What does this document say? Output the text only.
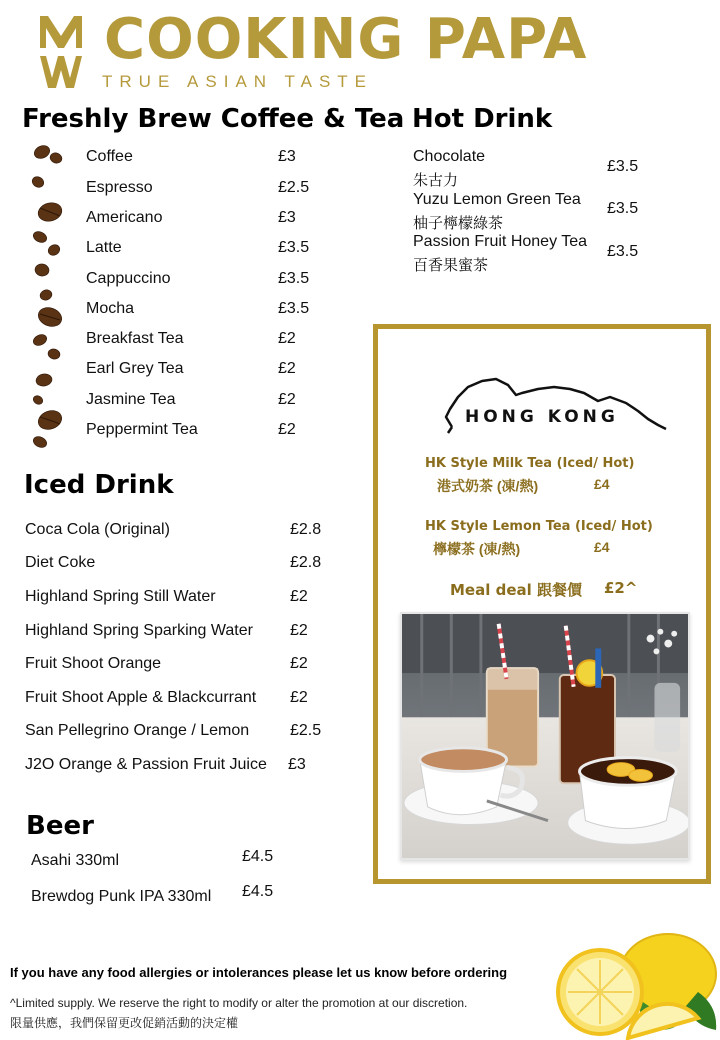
COOKING PAPA
TRUE ASIAN TASTE
Freshly Brew Coffee & Tea
Coffee	£3
Espresso	£2.5
Americano	£3
Latte	£3.5
Cappuccino	£3.5
Mocha	£3.5
Breakfast Tea	£2
Earl Grey Tea	£2
Jasmine Tea	£2
Peppermint Tea	£2
Hot Drink
Chocolate
朱古力
£3.5
Yuzu Lemon Green Tea
柚子檸檬綠茶
£3.5
Passion Fruit Honey Tea
百香果蜜茶
£3.5
Iced Drink
Coca Cola (Original)	£2.8
Diet Coke	£2.8
Highland Spring Still Water	£2
Highland Spring Sparking Water £2
Fruit Shoot Orange	£2
Fruit Shoot Apple & Blackcurrant £2
San Pellegrino Orange / Lemon	£2.5
J2O Orange & Passion Fruit Juice £3
Beer
Asahi 330ml	£4.5
Brewdog Punk IPA 330ml £4.5
HONG KONG
HK Style Milk Tea (Iced/ Hot)
港式奶茶 (凍/熱)	£4
HK Style Lemon Tea (Iced/ Hot)
檸檬茶 (凍/熱)	£4
Meal deal 跟餐價 £2^
If you have any food allergies or intolerances please let us know before ordering
^Limited supply. We reserve the right to modify or alter the promotion at our discretion.
限量供應，我們保留更改促銷活動的決定權
